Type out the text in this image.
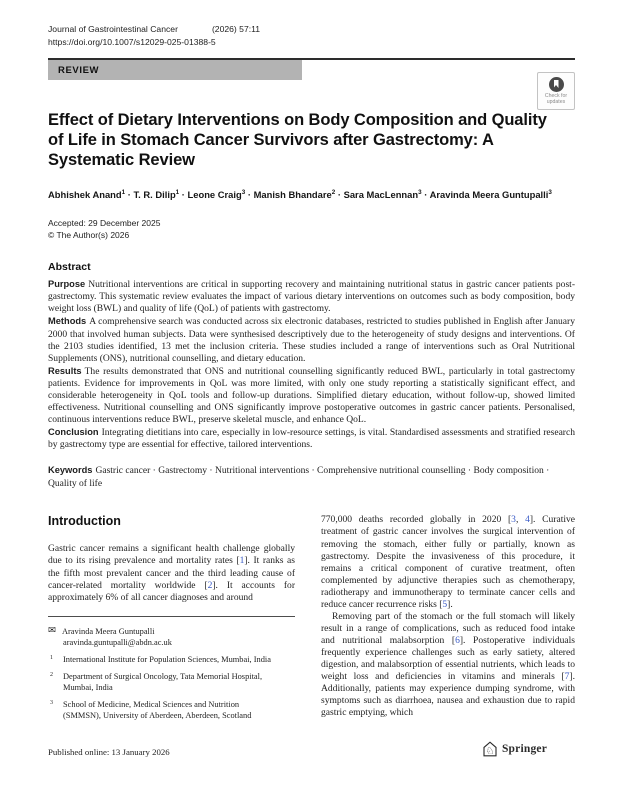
Journal of Gastrointestinal Cancer	(2026) 57:11
https://doi.org/10.1007/s12029-025-01388-5
REVIEW
Check for
updates
Effect of Dietary Interventions on Body Composition and Quality of Life in Stomach Cancer Survivors after Gastrectomy: A Systematic Review
Abhishek Anand$^1$ · T. R. Dilip$^1$ · Leone Craig$^3$ · Manish Bhandare$^2$ · Sara MacLennan$^3$ · Aravinda Meera Guntupalli$^3$
Accepted: 29 December 2025
© The Author(s) 2026
Abstract

Purpose Nutritional interventions are critical in supporting recovery and maintaining nutritional status in gastric cancer patients post-gastrectomy. This systematic review evaluates the impact of various dietary interventions on outcomes such as body composition, body weight loss (BWL) and quality of life (QoL) of patients with gastrectomy.

Methods A comprehensive search was conducted across six electronic databases, restricted to studies published in English after January 2000 that involved human subjects. Data were synthesised descriptively due to the heterogeneity of study designs and interventions. Of the 2103 studies identified, 13 met the inclusion criteria. These studies included a range of interventions such as Oral Nutritional Supplements (ONS), nutritional counselling, and dietary education.

Results The results demonstrated that ONS and nutritional counselling significantly reduced BWL, particularly in total gastrectomy patients. Evidence for improvements in QoL was more limited, with only one study reporting a statistically significant effect, and considerable heterogeneity in QoL tools and follow-up durations. Simplified dietary education, without follow-up, showed limited effectiveness. Nutritional counselling and ONS significantly improve postoperative outcomes in gastric cancer patients. Personalised, continuous interventions reduce BWL, preserve skeletal muscle, and enhance QoL.

Conclusion Integrating dietitians into care, especially in low-resource settings, is vital. Standardised assessments and stratified research by gastrectomy type are essential for effective, tailored interventions.

Keywords Gastric cancer · Gastrectomy · Nutritional interventions · Comprehensive nutritional counselling · Body composition · Quality of life
Introduction

Gastric cancer remains a significant health challenge globally due to its rising prevalence and mortality rates [1]. It ranks as the fifth most prevalent cancer and the third leading cause of cancer-related mortality worldwide [2]. It accounts for approximately 6% of all cancer diagnoses and around

✉ Aravinda Meera Guntupalli
aravinda.guntupalli@abdn.ac.uk
1 International Institute for Population Sciences, Mumbai, India
2 Department of Surgical Oncology, Tata Memorial Hospital, Mumbai, India
3 School of Medicine, Medical Sciences and Nutrition (SMMSN), University of Aberdeen, Aberdeen, Scotland

770,000 deaths recorded globally in 2020 [3, 4]. Curative treatment of gastric cancer involves the surgical intervention of removing the stomach, either fully or partially, known as gastrectomy. Despite the invasiveness of this procedure, it remains a critical component of curative treatment, often complemented by adjunctive therapies such as chemotherapy, radiotherapy and immunotherapy to terminate cancer cells and reduce cancer recurrence risks [5].

Removing part of the stomach or the full stomach will likely result in a range of complications, such as reduced food intake and nutritional malabsorption [6]. Postoperative individuals frequently experience challenges such as early satiety, altered digestion, and malabsorption of essential nutrients, which leads to weight loss and deficiencies in vitamins and minerals [7]. Additionally, patients may experience dumping syndrome, with symptoms such as diarrhoea, nausea and exhaustion due to rapid gastric emptying, which

Published online: 13 January 2026	♘ Springer
